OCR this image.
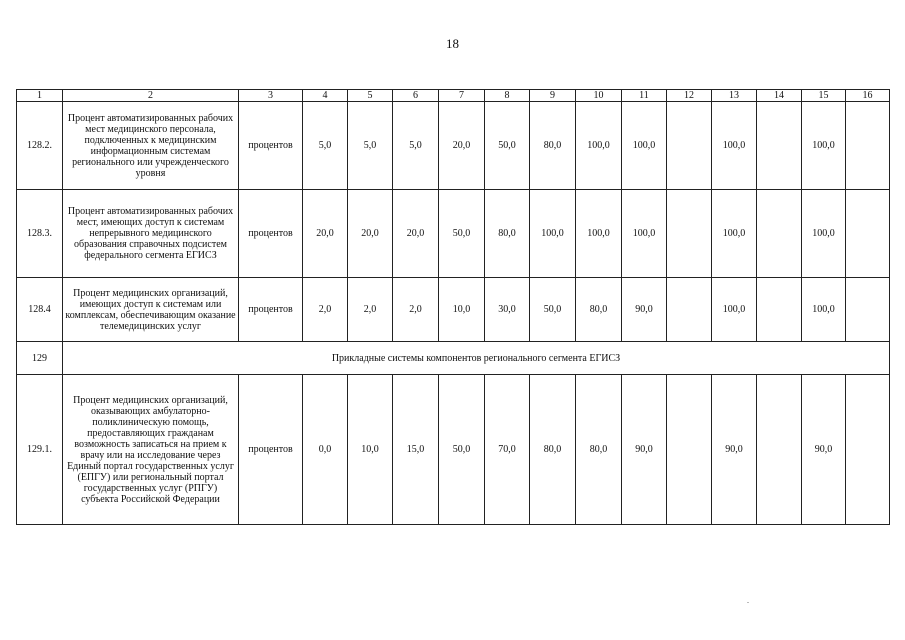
18
1	2	3	4	5	6	7	8	9	10	11	12	13	14	15	16
128.2.	Процент автоматизированных рабочих мест медицинского персонала, подключенных к медицинским информационным системам регионального или учрежденческого уровня	процентов	5,0	5,0	5,0	20,0	50,0	80,0	100,0	100,0		100,0		100,0	
128.3.	Процент автоматизированных рабочих мест, имеющих доступ к системам непрерывного медицинского образования справочных подсистем федерального сегмента ЕГИСЗ	процентов	20,0	20,0	20,0	50,0	80,0	100,0	100,0	100,0		100,0		100,0	
128.4	Процент медицинских организаций, имеющих доступ к системам или комплексам, обеспечивающим оказание телемедицинских услуг	процентов	2,0	2,0	2,0	10,0	30,0	50,0	80,0	90,0		100,0		100,0	
129	Прикладные системы компонентов регионального сегмента ЕГИСЗ														
129.1.	Процент медицинских организаций, оказывающих амбулаторно-поликлиническую помощь, предоставляющих гражданам возможность записаться на прием к врачу или на исследование через Единый портал государственных услуг (ЕПГУ) или региональный портал государственных услуг (РПГУ) субъекта Российской Федерации	процентов	0,0	10,0	15,0	50,0	70,0	80,0	80,0	90,0		90,0		90,0	
